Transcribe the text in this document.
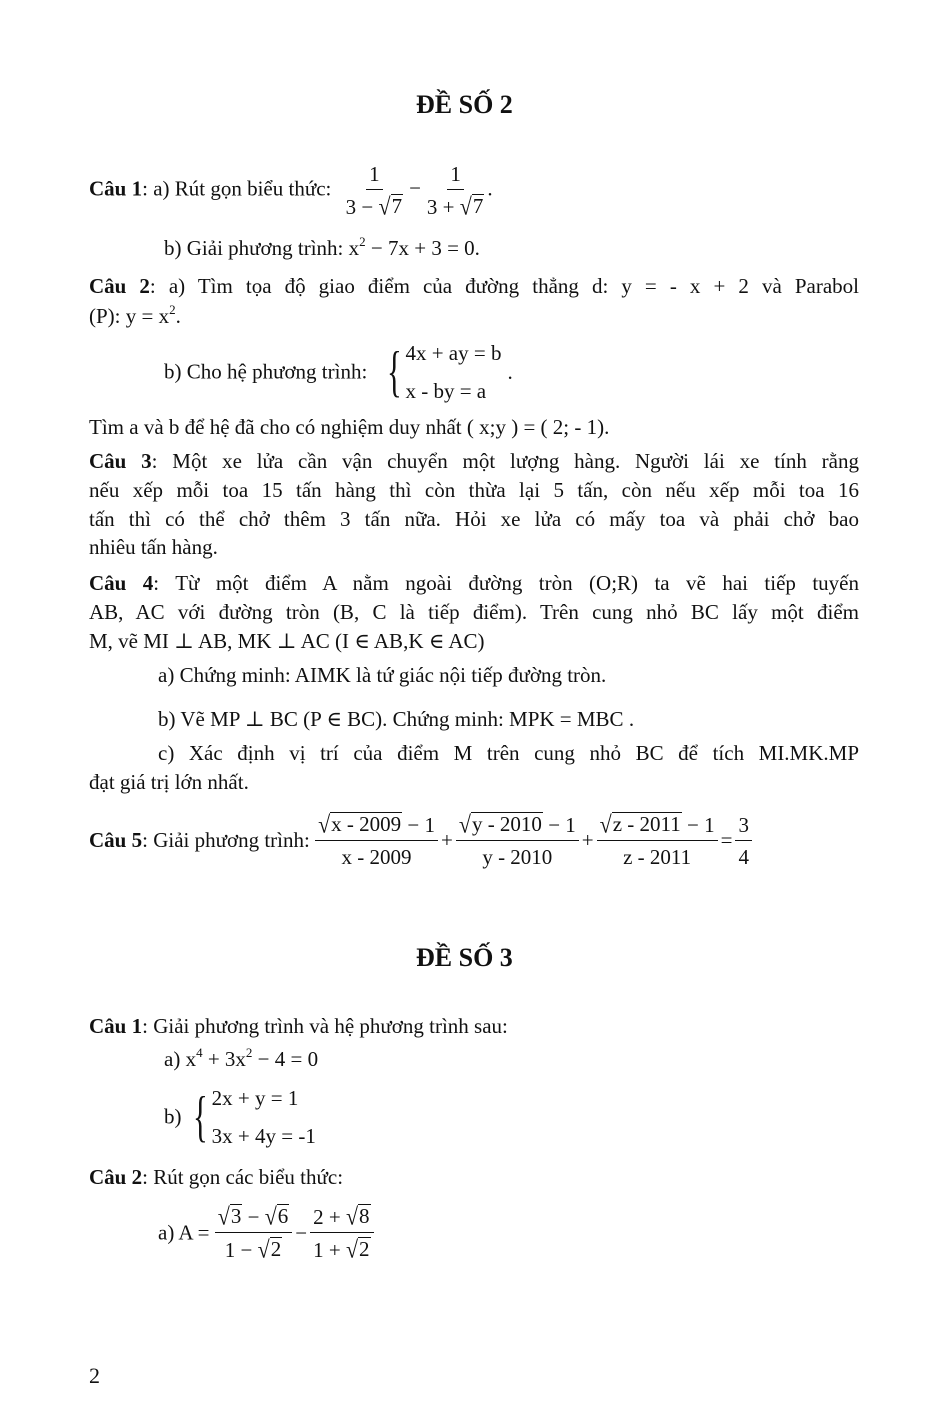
ĐỀ SỐ 2
Câu 1: a) Rút gọn biểu thức: $\frac{1}{3 - √ 7} - \frac{1}{3 + √ 7}$ .
b) Giải phương trình: $x^2 - 7x + 3 = 0$.
Câu 2: a) Tìm tọa độ giao điểm của đường thẳng d: y = - x + 2 và Parabol
(P): $y = x^2$.
b) Cho hệ phương trình: { 4x + ay = b
x - by = a
.
Tìm a và b để hệ đã cho có nghiệm duy nhất ( x;y ) = ( 2; - 1).
Câu 3: Một xe lửa cần vận chuyển một lượng hàng. Người lái xe tính rằng
nếu xếp mỗi toa 15 tấn hàng thì còn thừa lại 5 tấn, còn nếu xếp mỗi toa 16
tấn thì có thể chở thêm 3 tấn nữa. Hỏi xe lửa có mấy toa và phải chở bao
nhiêu tấn hàng.
Câu 4: Từ một điểm A nằm ngoài đường tròn (O;R) ta vẽ hai tiếp tuyến
AB, AC với đường tròn (B, C là tiếp điểm). Trên cung nhỏ BC lấy một điểm
M, vẽ MI ⊥ AB, MK ⊥ AC (I ∈ AB,K ∈ AC)
a) Chứng minh: AIMK là tứ giác nội tiếp đường tròn.
b) Vẽ MP ⊥ BC (P ∈ BC). Chứng minh: MPK = MBC .
c) Xác định vị trí của điểm M trên cung nhỏ BC để tích MI.MK.MP
đạt giá trị lớn nhất.
Câu 5: Giải phương trình: $\frac{√ x - 2009 - 1}{x - 2009} + \frac{√ y - 2010 - 1}{y - 2010} + \frac{√ z - 2011 - 1}{z - 2011} = \frac{3}{4}$
ĐỀ SỐ 3
Câu 1: Giải phương trình và hệ phương trình sau:
a) $x^4 + 3x^2 - 4 = 0$
b) { 2x + y = 1
3x + 4y = -1
Câu 2: Rút gọn các biểu thức:
a) $A = \frac{√ 3 - √ 6}{1 - √ 2} - \frac{2 + √ 8}{1 + √ 2}$
2
